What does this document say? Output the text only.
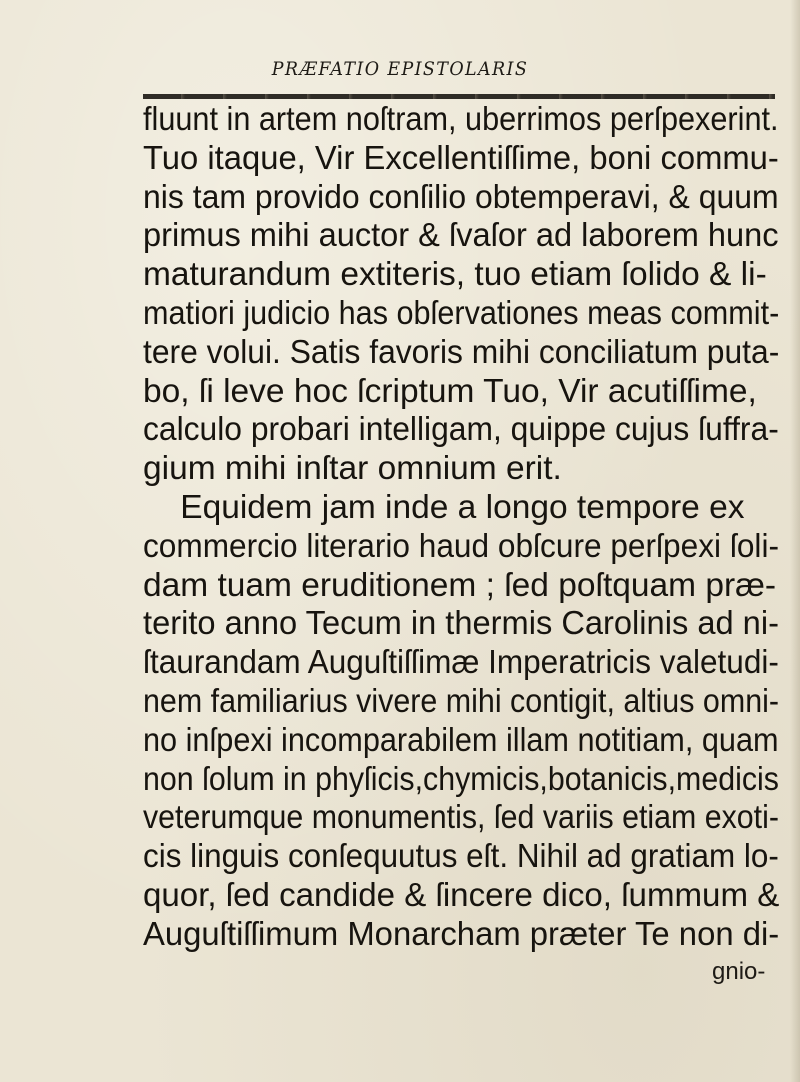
PRÆFATIO EPISTOLARIS
fluunt in artem noſtram, uberrimos perſpexerint.
Tuo itaque, Vir Excellentiſſime, boni commu-
nis tam provido conſilio obtemperavi, & quum
primus mihi auctor & ſvaſor ad laborem hunc
maturandum extiteris, tuo etiam ſolido & li-
matiori judicio has obſervationes meas commit-
tere volui. Satis favoris mihi conciliatum puta-
bo, ſi leve hoc ſcriptum Tuo, Vir acutiſſime,
calculo probari intelligam, quippe cujus ſuffra-
gium mihi inſtar omnium erit.
Equidem jam inde a longo tempore ex
commercio literario haud obſcure perſpexi ſoli-
dam tuam eruditionem ; ſed poſtquam præ-
terito anno Tecum in thermis Carolinis ad ni-
ſtaurandam Auguſtiſſimæ Imperatricis valetudi-
nem familiarius vivere mihi contigit, altius omni-
no inſpexi incomparabilem illam notitiam, quam
non ſolum in phyſicis,chymicis,botanicis,medicis
veterumque monumentis, ſed variis etiam exoti-
cis linguis conſequutus eſt. Nihil ad gratiam lo-
quor, ſed candide & ſincere dico, ſummum &
Auguſtiſſimum Monarcham præter Te non di-
gnio-
